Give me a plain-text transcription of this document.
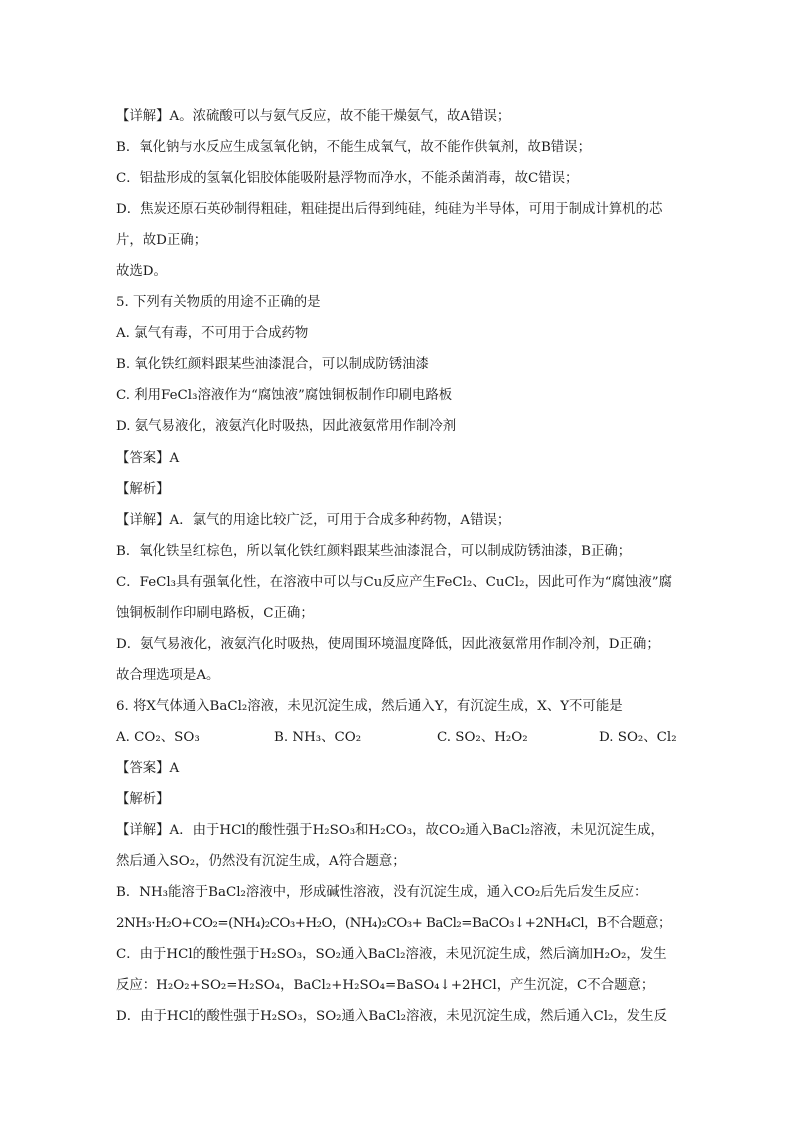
【详解】A。浓硫酸可以与氨气反应，故不能干燥氨气，故A错误；
B．氧化钠与水反应生成氢氧化钠，不能生成氧气，故不能作供氧剂，故B错误；
C．铝盐形成的氢氧化铝胶体能吸附悬浮物而净水，不能杀菌消毒，故C错误；
D．焦炭还原石英砂制得粗硅，粗硅提出后得到纯硅，纯硅为半导体，可用于制成计算机的芯
片，故D正确；
故选D。
5. 下列有关物质的用途不正确的是
A. 氯气有毒，不可用于合成药物
B. 氧化铁红颜料跟某些油漆混合，可以制成防锈油漆
C. 利用FeCl₃溶液作为“腐蚀液”腐蚀铜板制作印刷电路板
D. 氨气易液化，液氨汽化时吸热，因此液氨常用作制冷剂
【答案】A
【解析】
【详解】A．氯气的用途比较广泛，可用于合成多种药物，A错误；
B．氧化铁呈红棕色，所以氧化铁红颜料跟某些油漆混合，可以制成防锈油漆，B正确；
C．FeCl₃具有强氧化性，在溶液中可以与Cu反应产生FeCl₂、CuCl₂，因此可作为“腐蚀液”腐
蚀铜板制作印刷电路板，C正确；
D．氨气易液化，液氨汽化时吸热，使周围环境温度降低，因此液氨常用作制冷剂，D正确；
故合理选项是A。
6. 将X气体通入BaCl₂溶液，未见沉淀生成，然后通入Y，有沉淀生成，X、Y不可能是
A. CO₂、SO₃	B. NH₃、CO₂	C. SO₂、H₂O₂	D. SO₂、Cl₂
【答案】A
【解析】
【详解】A．由于HCl的酸性强于H₂SO₃和H₂CO₃，故CO₂通入BaCl₂溶液，未见沉淀生成，
然后通入SO₂，仍然没有沉淀生成，A符合题意；
B．NH₃能溶于BaCl₂溶液中，形成碱性溶液，没有沉淀生成，通入CO₂后先后发生反应：
2NH₃·H₂O+CO₂=(NH₄)₂CO₃+H₂O，(NH₄)₂CO₃+ BaCl₂=BaCO₃↓+2NH₄Cl，B不合题意；
C．由于HCl的酸性强于H₂SO₃，SO₂通入BaCl₂溶液，未见沉淀生成，然后滴加H₂O₂，发生
反应：H₂O₂+SO₂=H₂SO₄，BaCl₂+H₂SO₄=BaSO₄↓+2HCl，产生沉淀，C不合题意；
D．由于HCl的酸性强于H₂SO₃，SO₂通入BaCl₂溶液，未见沉淀生成，然后通入Cl₂，发生反
